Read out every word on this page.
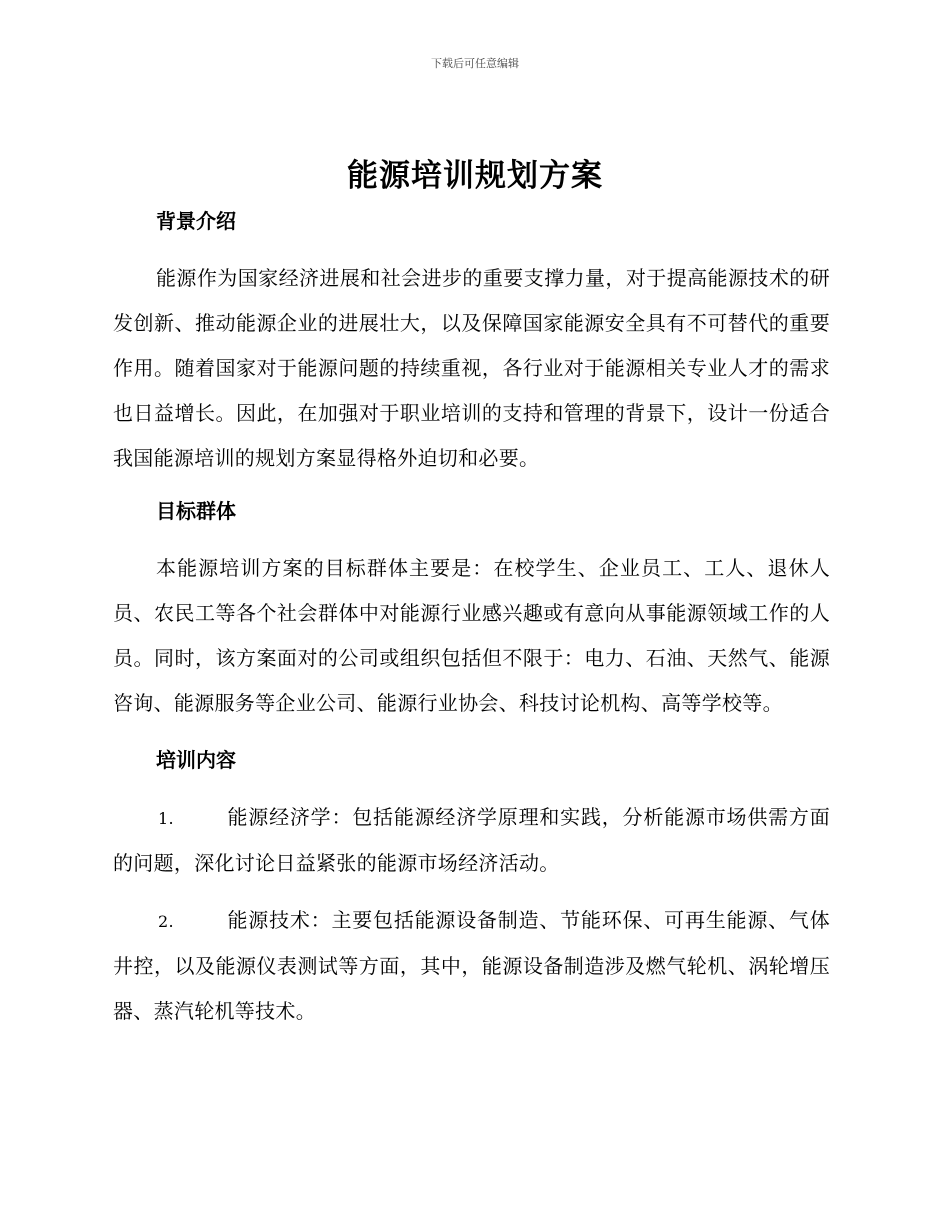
下载后可任意编辑
能源培训规划方案
背景介绍

能源作为国家经济进展和社会进步的重要支撑力量，对于提高能源技术的研发创新、推动能源企业的进展壮大，以及保障国家能源安全具有不可替代的重要作用。随着国家对于能源问题的持续重视，各行业对于能源相关专业人才的需求也日益增长。因此，在加强对于职业培训的支持和管理的背景下，设计一份适合我国能源培训的规划方案显得格外迫切和必要。

目标群体

本能源培训方案的目标群体主要是：在校学生、企业员工、工人、退休人员、农民工等各个社会群体中对能源行业感兴趣或有意向从事能源领域工作的人员。同时，该方案面对的公司或组织包括但不限于：电力、石油、天然气、能源咨询、能源服务等企业公司、能源行业协会、科技讨论机构、高等学校等。

培训内容

1.	能源经济学：包括能源经济学原理和实践，分析能源市场供需方面的问题，深化讨论日益紧张的能源市场经济活动。

2.	能源技术：主要包括能源设备制造、节能环保、可再生能源、气体井控，以及能源仪表测试等方面，其中，能源设备制造涉及燃气轮机、涡轮增压器、蒸汽轮机等技术。
